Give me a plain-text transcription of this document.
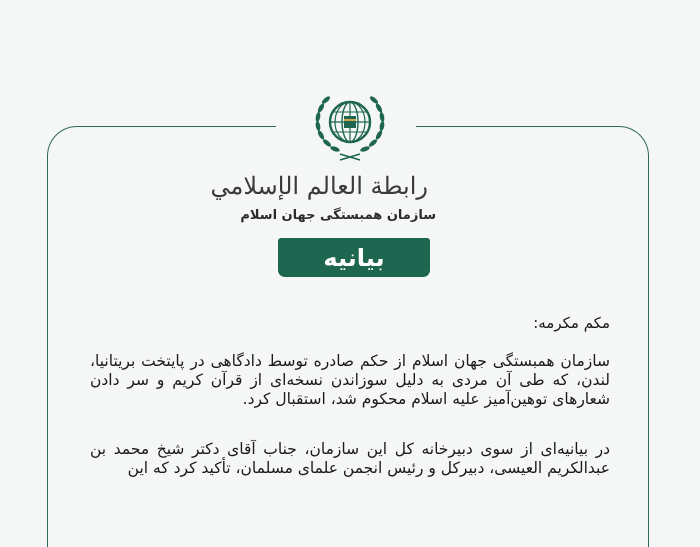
رابطة العالم الإسلامي
سازمان همبستگی جهان اسلام
بیانیه
مکم مکرمه:
سازمان همبستگی جهان اسلام از حکم صادره توسط دادگاهی در پایتخت بریتانیا، لندن، که طی آن مردی به دلیل سوزاندن نسخه‌ای از قرآن کریم و سر دادن شعارهای توهین‌آمیز علیه اسلام محکوم شد، استقبال کرد.
در بیانیه‌ای از سوی دبیرخانه کل این سازمان، جناب آقای دکتر شیخ محمد بن عبدالکریم العیسی، دبیرکل و رئیس انجمن علمای مسلمان، تأکید کرد که این
